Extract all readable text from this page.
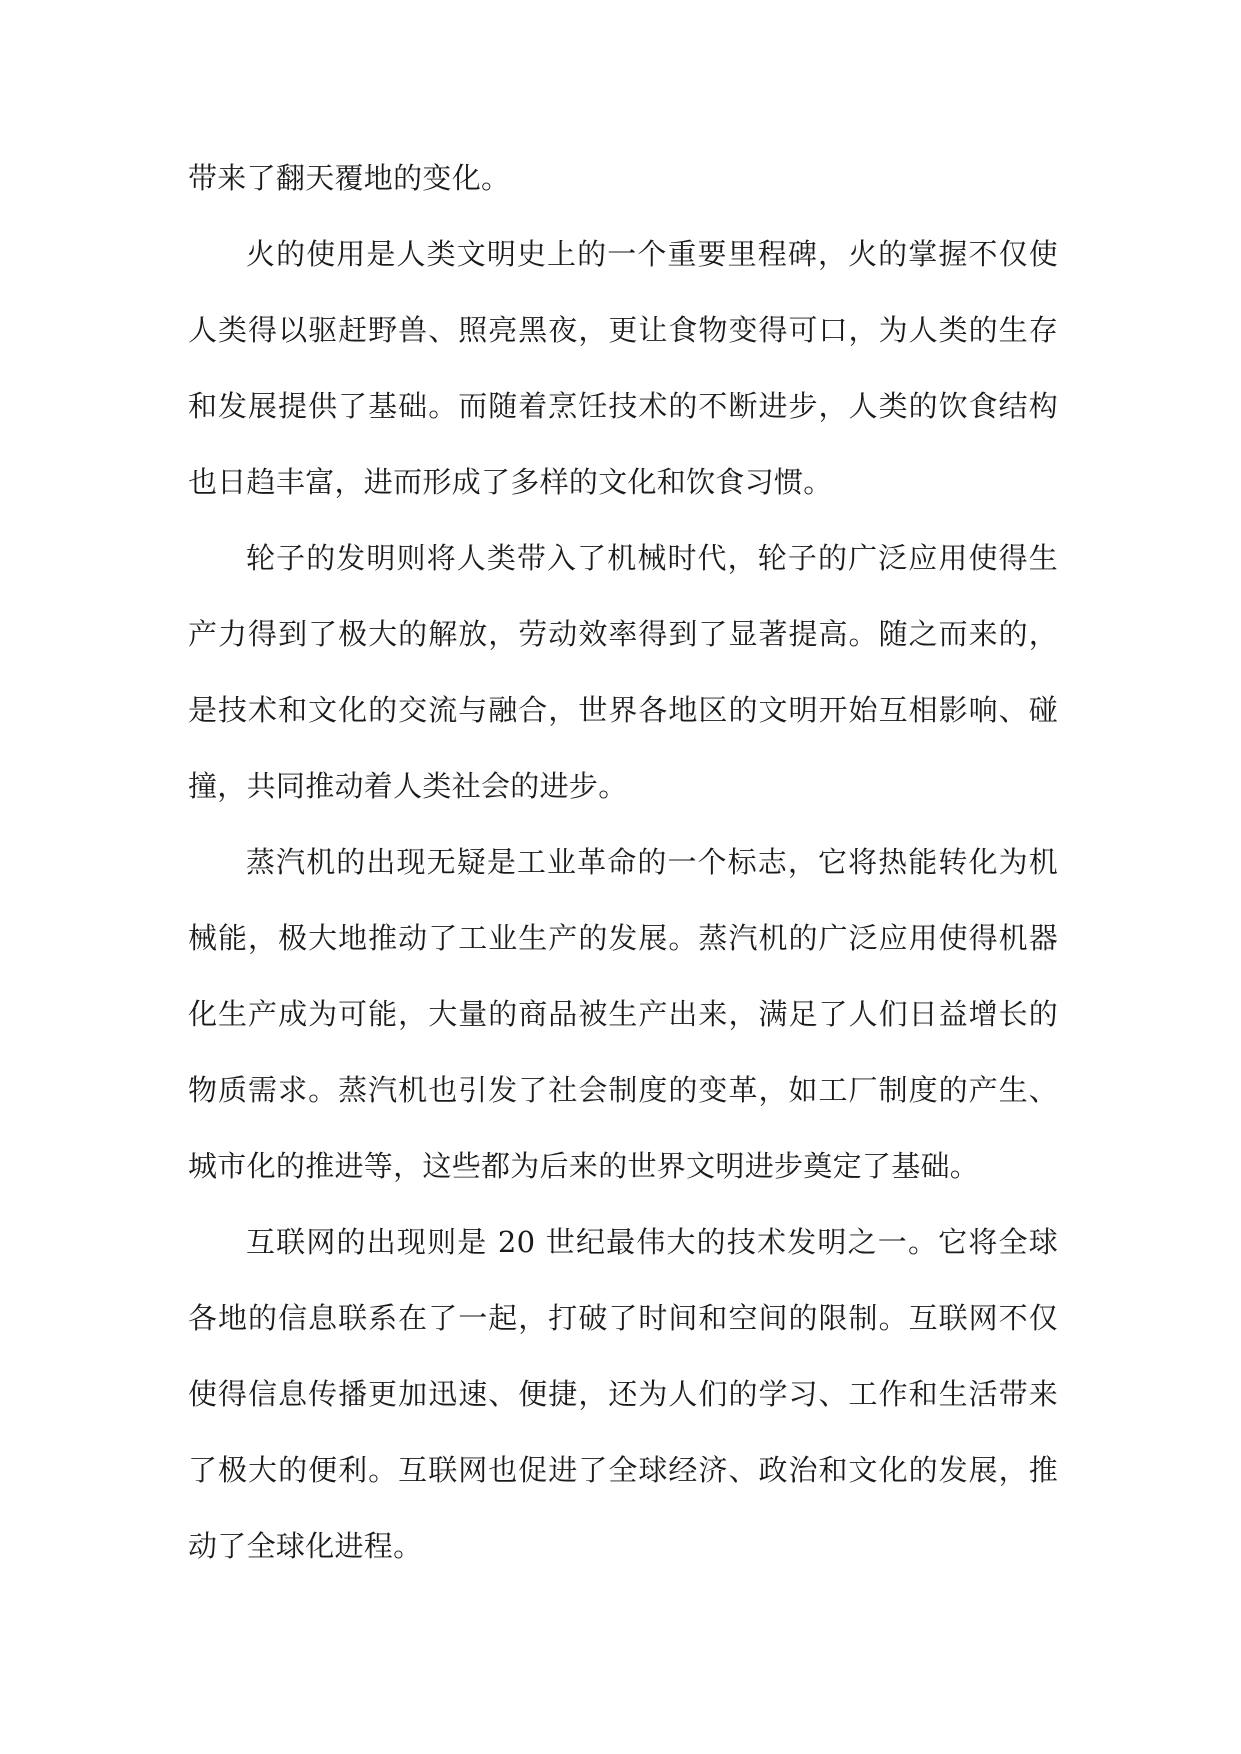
带来了翻天覆地的变化。

火的使用是人类文明史上的一个重要里程碑，火的掌握不仅使人类得以驱赶野兽、照亮黑夜，更让食物变得可口，为人类的生存和发展提供了基础。而随着烹饪技术的不断进步，人类的饮食结构也日趋丰富，进而形成了多样的文化和饮食习惯。

轮子的发明则将人类带入了机械时代，轮子的广泛应用使得生产力得到了极大的解放，劳动效率得到了显著提高。随之而来的，是技术和文化的交流与融合，世界各地区的文明开始互相影响、碰撞，共同推动着人类社会的进步。

蒸汽机的出现无疑是工业革命的一个标志，它将热能转化为机械能，极大地推动了工业生产的发展。蒸汽机的广泛应用使得机器化生产成为可能，大量的商品被生产出来，满足了人们日益增长的物质需求。蒸汽机也引发了社会制度的变革，如工厂制度的产生、城市化的推进等，这些都为后来的世界文明进步奠定了基础。

互联网的出现则是 20 世纪最伟大的技术发明之一。它将全球各地的信息联系在了一起，打破了时间和空间的限制。互联网不仅使得信息传播更加迅速、便捷，还为人们的学习、工作和生活带来了极大的便利。互联网也促进了全球经济、政治和文化的发展，推动了全球化进程。
